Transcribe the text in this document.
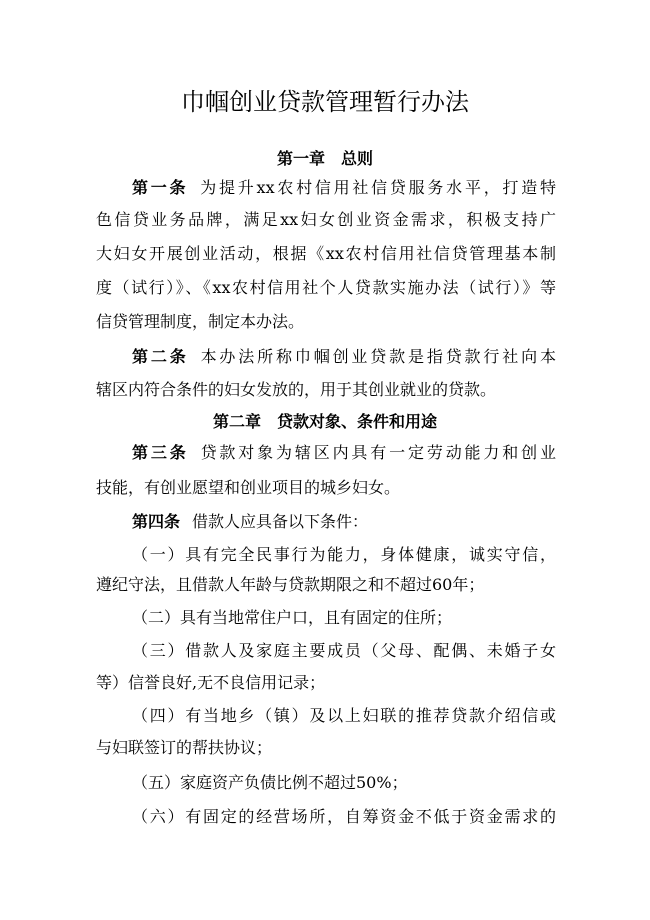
巾帼创业贷款管理暂行办法
第一章 总则
第一条 为提升xx农村信用社信贷服务水平，打造特
色信贷业务品牌，满足xx妇女创业资金需求，积极支持广
大妇女开展创业活动，根据《xx农村信用社信贷管理基本制
度（试行）》、《xx农村信用社个人贷款实施办法（试行）》等
信贷管理制度，制定本办法。
第二条 本办法所称巾帼创业贷款是指贷款行社向本
辖区内符合条件的妇女发放的，用于其创业就业的贷款。
第二章 贷款对象、条件和用途
第三条 贷款对象为辖区内具有一定劳动能力和创业
技能，有创业愿望和创业项目的城乡妇女。
第四条 借款人应具备以下条件：
（一）具有完全民事行为能力，身体健康，诚实守信，
遵纪守法，且借款人年龄与贷款期限之和不超过60年；
（二）具有当地常住户口，且有固定的住所；
（三）借款人及家庭主要成员（父母、配偶、未婚子女
等）信誉良好,无不良信用记录；
（四）有当地乡（镇）及以上妇联的推荐贷款介绍信或
与妇联签订的帮扶协议；
（五）家庭资产负债比例不超过50%；
（六）有固定的经营场所，自筹资金不低于资金需求的
